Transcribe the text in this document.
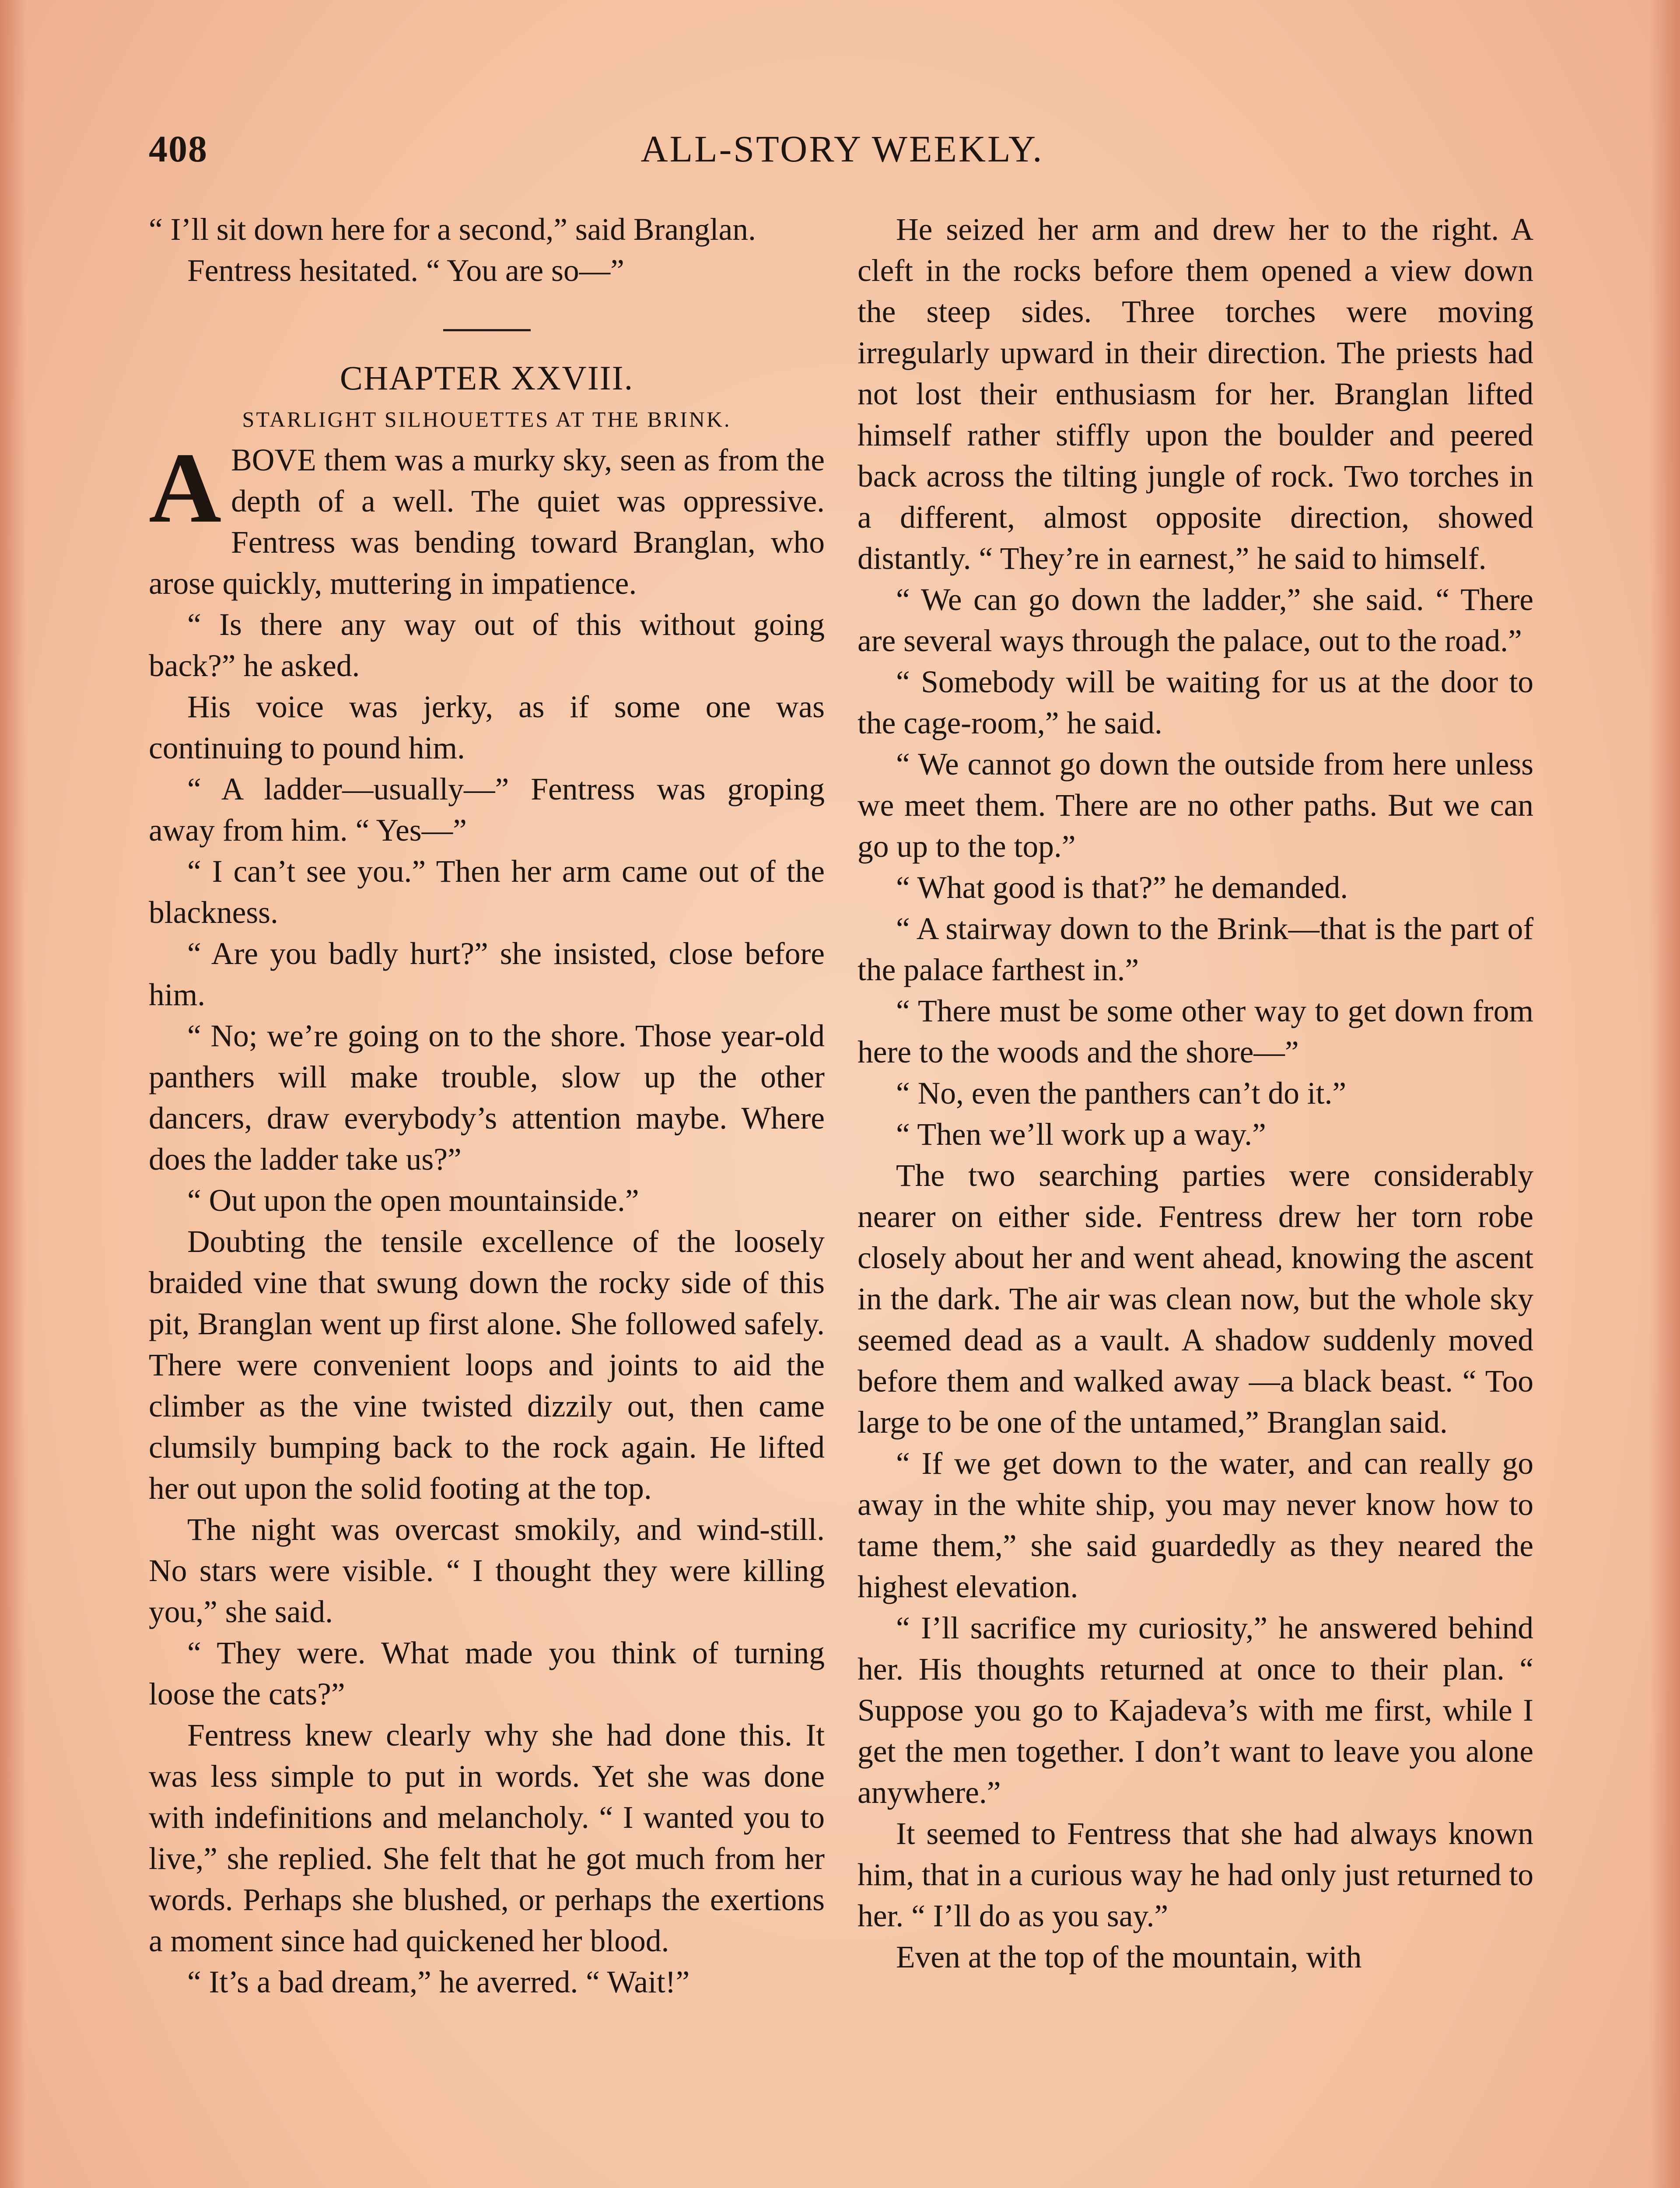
ALL-STORY WEEKLY.
408

“ I’ll sit down here for a second,” said Branglan.

Fentress hesitated. “ You are so—”

CHAPTER XXVIII.

STARLIGHT SILHOUETTES AT THE BRINK.

ABOVE them was a murky sky, seen as from the depth of a well. The quiet was oppressive. Fentress was bending toward Branglan, who arose quickly, muttering in impatience.

“ Is there any way out of this without going back?” he asked.

His voice was jerky, as if some one was continuing to pound him.

“ A ladder—usually—” Fentress was groping away from him. “ Yes—”

“ I can’t see you.” Then her arm came out of the blackness.

“ Are you badly hurt?” she insisted, close before him.

“ No; we’re going on to the shore. Those year-old panthers will make trouble, slow up the other dancers, draw everybody’s attention maybe. Where does the ladder take us?”

“ Out upon the open mountainside.”

Doubting the tensile excellence of the loosely braided vine that swung down the rocky side of this pit, Branglan went up first alone. She followed safely. There were convenient loops and joints to aid the climber as the vine twisted dizzily out, then came clumsily bumping back to the rock again. He lifted her out upon the solid footing at the top.

The night was overcast smokily, and wind-still. No stars were visible. “ I thought they were killing you,” she said.

“ They were. What made you think of turning loose the cats?”

Fentress knew clearly why she had done this. It was less simple to put in words. Yet she was done with indefinitions and melancholy. “ I wanted you to live,” she replied. She felt that he got much from her words. Perhaps she blushed, or perhaps the exertions a moment since had quickened her blood.

“ It’s a bad dream,” he averred. “ Wait!”

He seized her arm and drew her to the right. A cleft in the rocks before them opened a view down the steep sides. Three torches were moving irregularly upward in their direction. The priests had not lost their enthusiasm for her. Branglan lifted himself rather stiffly upon the boulder and peered back across the tilting jungle of rock. Two torches in a different, almost opposite direction, showed distantly. “ They’re in earnest,” he said to himself.

“ We can go down the ladder,” she said. “ There are several ways through the palace, out to the road.”

“ Somebody will be waiting for us at the door to the cage-room,” he said.

“ We cannot go down the outside from here unless we meet them. There are no other paths. But we can go up to the top.”

“ What good is that?” he demanded.

“ A stairway down to the Brink—that is the part of the palace farthest in.”

“ There must be some other way to get down from here to the woods and the shore—”

“ No, even the panthers can’t do it.”

“ Then we’ll work up a way.”

The two searching parties were considerably nearer on either side. Fentress drew her torn robe closely about her and went ahead, knowing the ascent in the dark. The air was clean now, but the whole sky seemed dead as a vault. A shadow suddenly moved before them and walked away —a black beast. “ Too large to be one of the untamed,” Branglan said.

“ If we get down to the water, and can really go away in the white ship, you may never know how to tame them,” she said guardedly as they neared the highest elevation.

“ I’ll sacrifice my curiosity,” he answered behind her. His thoughts returned at once to their plan. “ Suppose you go to Kajadeva’s with me first, while I get the men together. I don’t want to leave you alone anywhere.”

It seemed to Fentress that she had always known him, that in a curious way he had only just returned to her. “ I’ll do as you say.”

Even at the top of the mountain, with
